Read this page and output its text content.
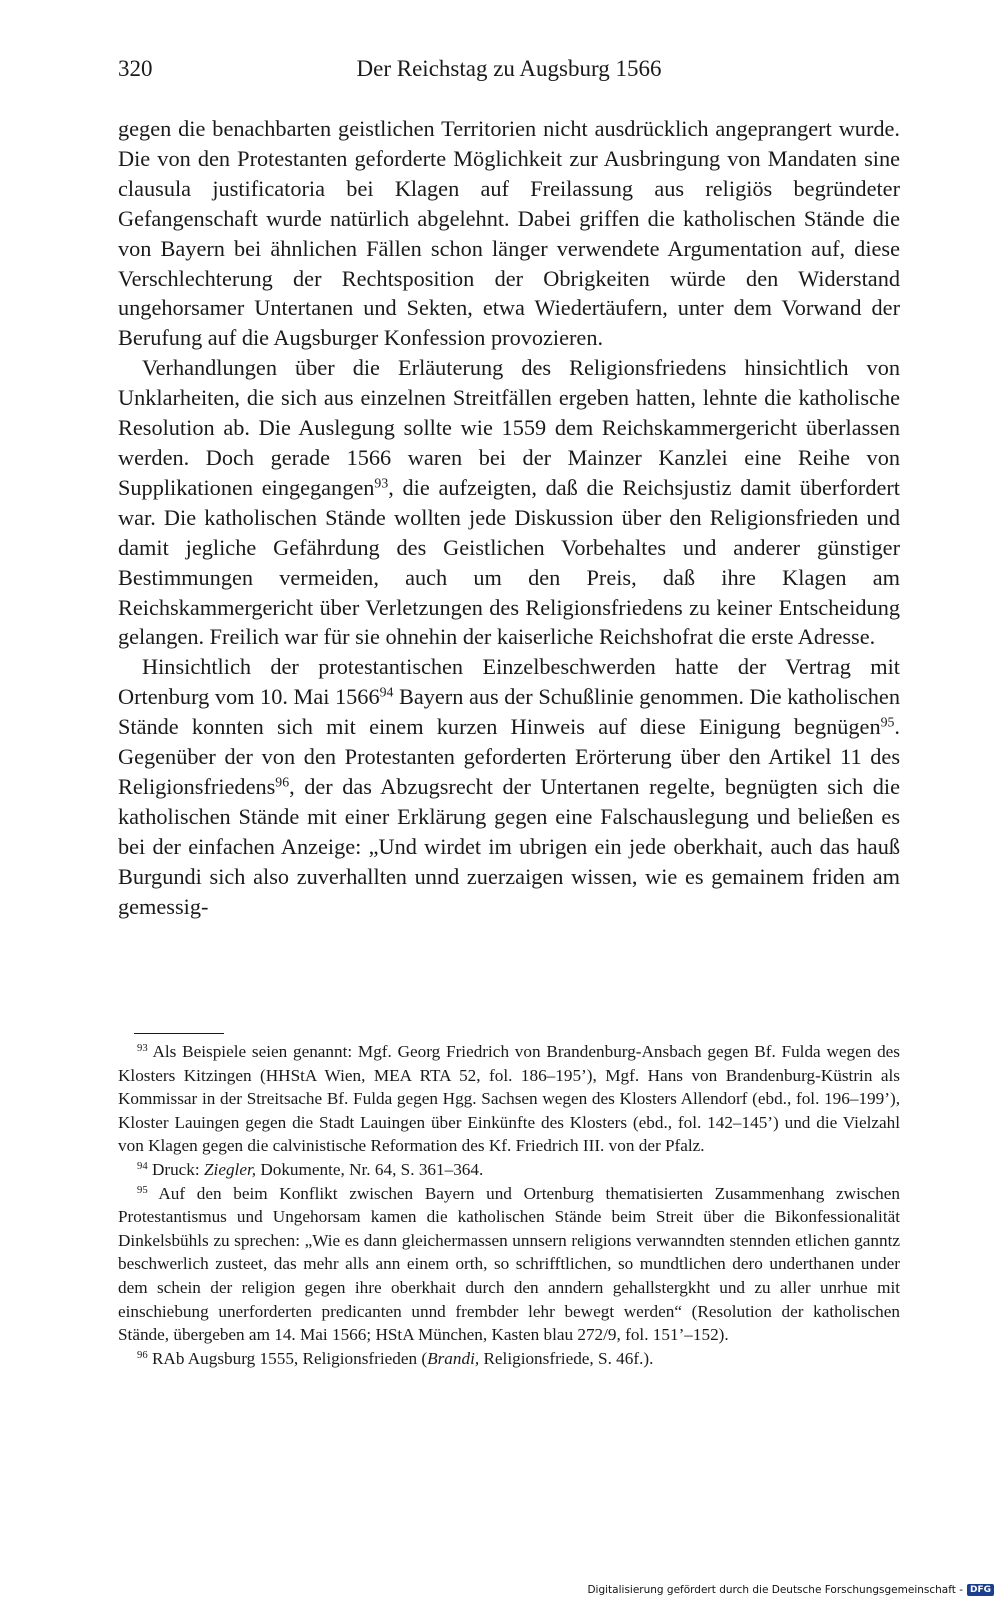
320	Der Reichstag zu Augsburg 1566

gegen die benachbarten geistlichen Territorien nicht ausdrücklich angeprangert wurde. Die von den Protestanten geforderte Möglichkeit zur Ausbringung von Mandaten sine clausula justificatoria bei Klagen auf Freilassung aus religiös begründeter Gefangenschaft wurde natürlich abgelehnt. Dabei griffen die katholischen Stände die von Bayern bei ähnlichen Fällen schon länger verwendete Argumentation auf, diese Verschlechterung der Rechtsposition der Obrigkeiten würde den Widerstand ungehorsamer Untertanen und Sekten, etwa Wiedertäufern, unter dem Vorwand der Berufung auf die Augsburger Konfession provozieren.

Verhandlungen über die Erläuterung des Religionsfriedens hinsichtlich von Unklarheiten, die sich aus einzelnen Streitfällen ergeben hatten, lehnte die katholische Resolution ab. Die Auslegung sollte wie 1559 dem Reichskammergericht überlassen werden. Doch gerade 1566 waren bei der Mainzer Kanzlei eine Reihe von Supplikationen eingegangen$^{93}$, die aufzeigten, daß die Reichsjustiz damit überfordert war. Die katholischen Stände wollten jede Diskussion über den Religionsfrieden und damit jegliche Gefährdung des Geistlichen Vorbehaltes und anderer günstiger Bestimmungen vermeiden, auch um den Preis, daß ihre Klagen am Reichskammergericht über Verletzungen des Religionsfriedens zu keiner Entscheidung gelangen. Freilich war für sie ohnehin der kaiserliche Reichshofrat die erste Adresse.

Hinsichtlich der protestantischen Einzelbeschwerden hatte der Vertrag mit Ortenburg vom 10. Mai 1566$^{94}$ Bayern aus der Schußlinie genommen. Die katholischen Stände konnten sich mit einem kurzen Hinweis auf diese Einigung begnügen$^{95}$. Gegenüber der von den Protestanten geforderten Erörterung über den Artikel 11 des Religionsfriedens$^{96}$, der das Abzugsrecht der Untertanen regelte, begnügten sich die katholischen Stände mit einer Erklärung gegen eine Falschauslegung und beließen es bei der einfachen Anzeige: „Und wirdet im ubrigen ein jede oberkhait, auch das hauß Burgundi sich also zuverhallten unnd zuerzaigen wissen, wie es gemainem friden am gemessig-

$^{93}$ Als Beispiele seien genannt: Mgf. Georg Friedrich von Brandenburg-Ansbach gegen Bf. Fulda wegen des Klosters Kitzingen (HHStA Wien, MEA RTA 52, fol. 186–195’), Mgf. Hans von Brandenburg-Küstrin als Kommissar in der Streitsache Bf. Fulda gegen Hgg. Sachsen wegen des Klosters Allendorf (ebd., fol. 196–199’), Kloster Lauingen gegen die Stadt Lauingen über Einkünfte des Klosters (ebd., fol. 142–145’) und die Vielzahl von Klagen gegen die calvinistische Reformation des Kf. Friedrich III. von der Pfalz.

$^{94}$ Druck: Ziegler, Dokumente, Nr. 64, S. 361–364.

$^{95}$ Auf den beim Konflikt zwischen Bayern und Ortenburg thematisierten Zusammenhang zwischen Protestantismus und Ungehorsam kamen die katholischen Stände beim Streit über die Bikonfessionalität Dinkelsbühls zu sprechen: „Wie es dann gleichermassen unnsern religions verwanndten stennden etlichen ganntz beschwerlich zusteet, das mehr alls ann einem orth, so schrifftlichen, so mundtlichen dero underthanen under dem schein der religion gegen ihre oberkhait durch den anndern gehallstergkht und zu aller unrhue mit einschiebung unerforderten predicanten unnd frembder lehr bewegt werden“ (Resolution der katholischen Stände, übergeben am 14. Mai 1566; HStA München, Kasten blau 272/9, fol. 151’–152).

$^{96}$ RAb Augsburg 1555, Religionsfrieden (Brandi, Religionsfriede, S. 46f.).

Digitalisierung gefördert durch die Deutsche Forschungsgemeinschaft - DFG
